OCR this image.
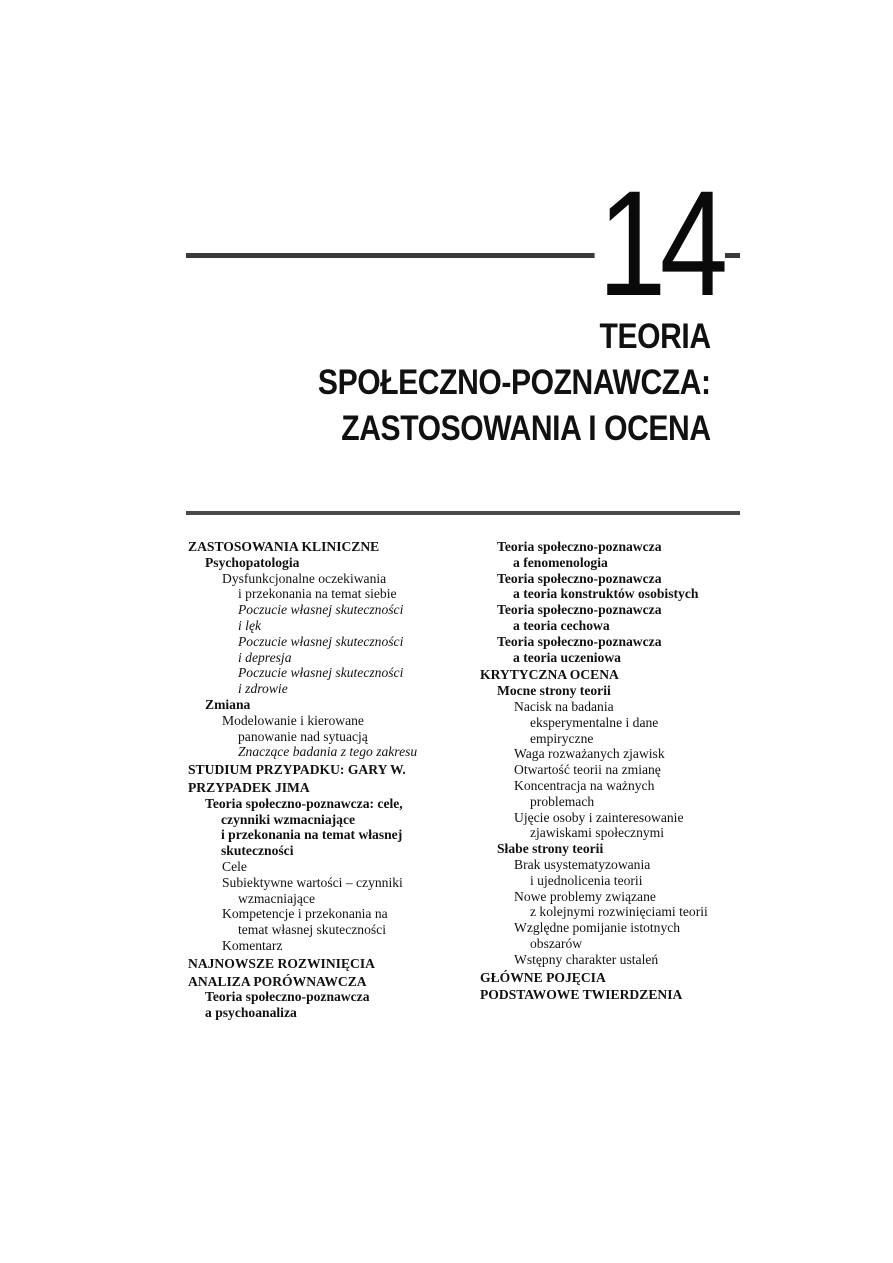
14
TEORIA
SPOŁECZNO-POZNAWCZA:
ZASTOSOWANIA I OCENA
ZASTOSOWANIA KLINICZNE
Psychopatologia
Dysfunkcjonalne oczekiwania
i przekonania na temat siebie
Poczucie własnej skuteczności
i lęk
Poczucie własnej skuteczności
i depresja
Poczucie własnej skuteczności
i zdrowie
Zmiana
Modelowanie i kierowane
panowanie nad sytuacją
Znaczące badania z tego zakresu
STUDIUM PRZYPADKU: GARY W.
PRZYPADEK JIMA
Teoria społeczno-poznawcza: cele,
czynniki wzmacniające
i przekonania na temat własnej
skuteczności
Cele
Subiektywne wartości – czynniki
wzmacniające
Kompetencje i przekonania na
temat własnej skuteczności
Komentarz
NAJNOWSZE ROZWINIĘCIA
ANALIZA PORÓWNAWCZA
Teoria społeczno-poznawcza
a psychoanaliza
Teoria społeczno-poznawcza
a fenomenologia
Teoria społeczno-poznawcza
a teoria konstruktów osobistych
Teoria społeczno-poznawcza
a teoria cechowa
Teoria społeczno-poznawcza
a teoria uczeniowa
KRYTYCZNA OCENA
Mocne strony teorii
Nacisk na badania
eksperymentalne i dane
empiryczne
Waga rozważanych zjawisk
Otwartość teorii na zmianę
Koncentracja na ważnych
problemach
Ujęcie osoby i zainteresowanie
zjawiskami społecznymi
Słabe strony teorii
Brak usystematyzowania
i ujednolicenia teorii
Nowe problemy związane
z kolejnymi rozwinięciami teorii
Względne pomijanie istotnych
obszarów
Wstępny charakter ustaleń
GŁÓWNE POJĘCIA
PODSTAWOWE TWIERDZENIA
